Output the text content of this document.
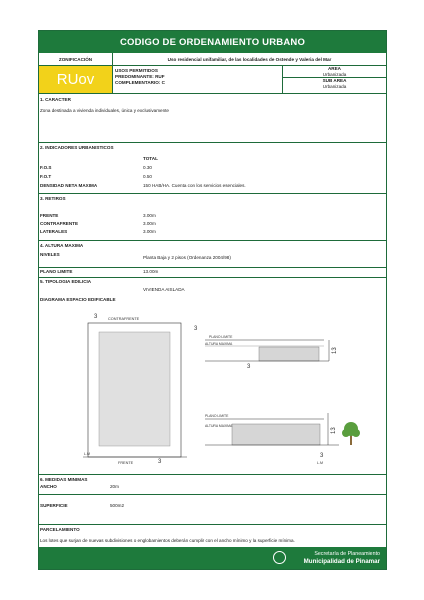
CODIGO DE ORDENAMIENTO URBANO
ZONIFICACIÓN	Uso residencial unifamiliar, de las localidades de Ostende y Valeria del Mar
RUov
USOS PERMITIDOS
PREDOMINANTE: RUF
COMPLEMENTARIO: C
AREA
Urbanizada
SUB AREA
Urbanizada
1. CARACTER
Zona destinada a vivienda individuales, única y exclusivamente
2. INDICADORES URBANISTICOS
TOTAL
F.O.S	0.30
F.O.T	0.50
DENSIDAD NETA MAXIMA	150 HAB/HA. Cuenta con los servicios esenciales.
3. RETIROS
FRENTE	3.00m
CONTRAFRENTE	3.00m
LATERALES	3.00m
4. ALTURA MAXIMA
NIVELES
Planta Baja y 2 pisos (Ordenanza 2004/98)
PLANO LIMITE	13.00m
5. TIPOLOGIA EDILICIA
VIVIENDA AISLADA
DIAGRAMA ESPACIO EDIFICABLE
CONTRAFRENTE
3
3
3
FRENTE
L.M
PLANO LIMITE
ALTURA MAXIMA
13
3
PLANO LIMITE
ALTURA MAXIMA
13
3
L.M
6. MEDIDAS MINIMAS
ANCHO	20m
SUPERFICIE	500m2
PARCELAMIENTO
Los lotes que surjan de nuevas subdivisiones o englobamientos deberán cumplir con el ancho mínimo y la superficie mínima.
Secretaría de Planeamiento
Municipalidad de Pinamar
